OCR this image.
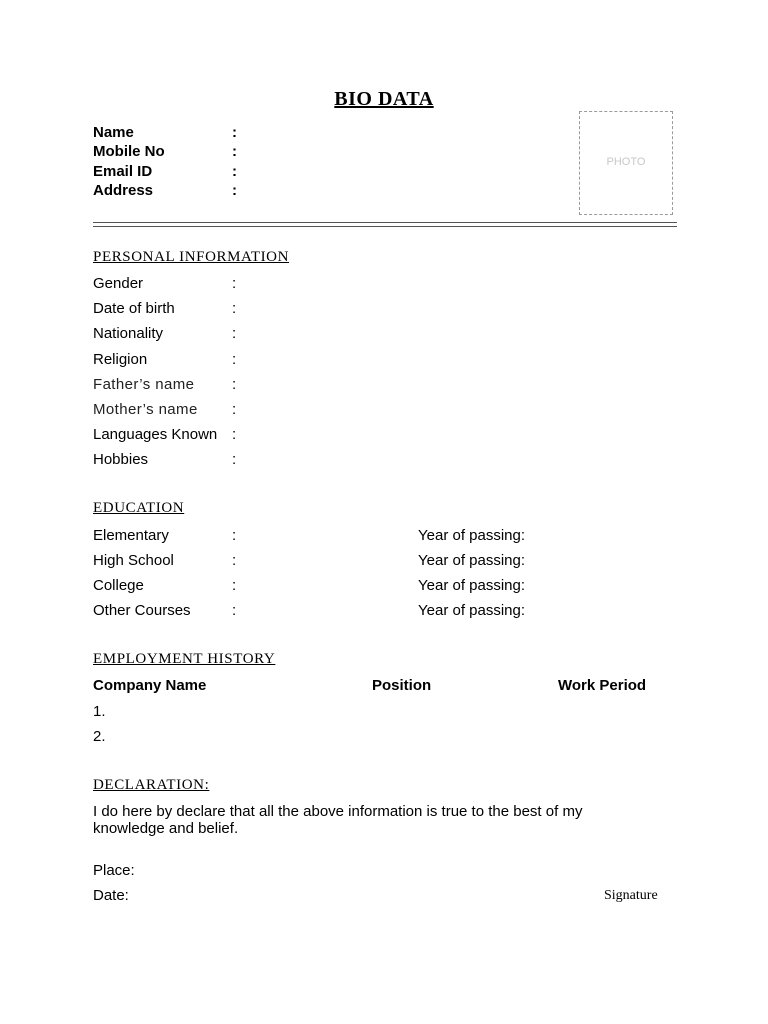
BIO DATA
Name	:
Mobile No	:
Email ID	:
Address	:
PHOTO
PERSONAL INFORMATION
Gender	:
Date of birth	:
Nationality	:
Religion	:
Father’s name	:
Mother’s name :
Languages Known :
Hobbies	:
EDUCATION
Elementary	:	Year of passing:
High School	:	Year of passing:
College	:	Year of passing:
Other Courses	:	Year of passing:
EMPLOYMENT HISTORY
Company Name	Position	Work Period
1.
2.
DECLARATION:
I do here by declare that all the above information is true to the best of my knowledge and belief.
Place:
Date:	Signature
